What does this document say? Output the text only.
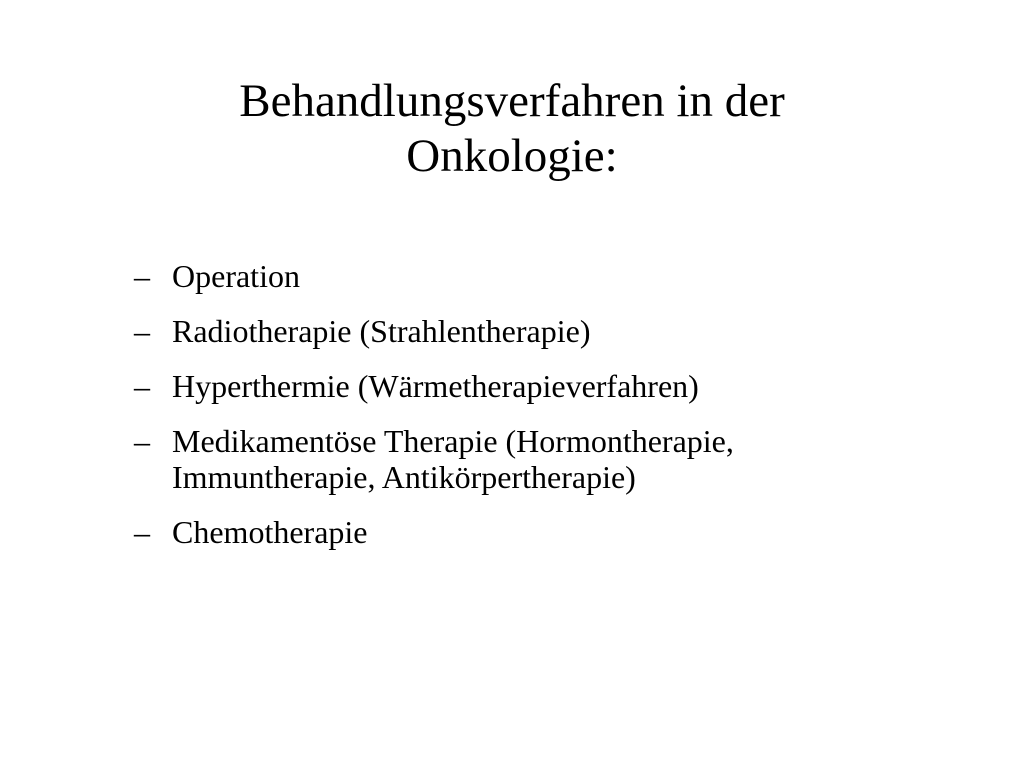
Behandlungsverfahren in der
Onkologie:
– Operation
– Radiotherapie (Strahlentherapie)
– Hyperthermie (Wärmetherapieverfahren)
– Medikamentöse Therapie (Hormontherapie,
Immuntherapie, Antikörpertherapie)
– Chemotherapie
